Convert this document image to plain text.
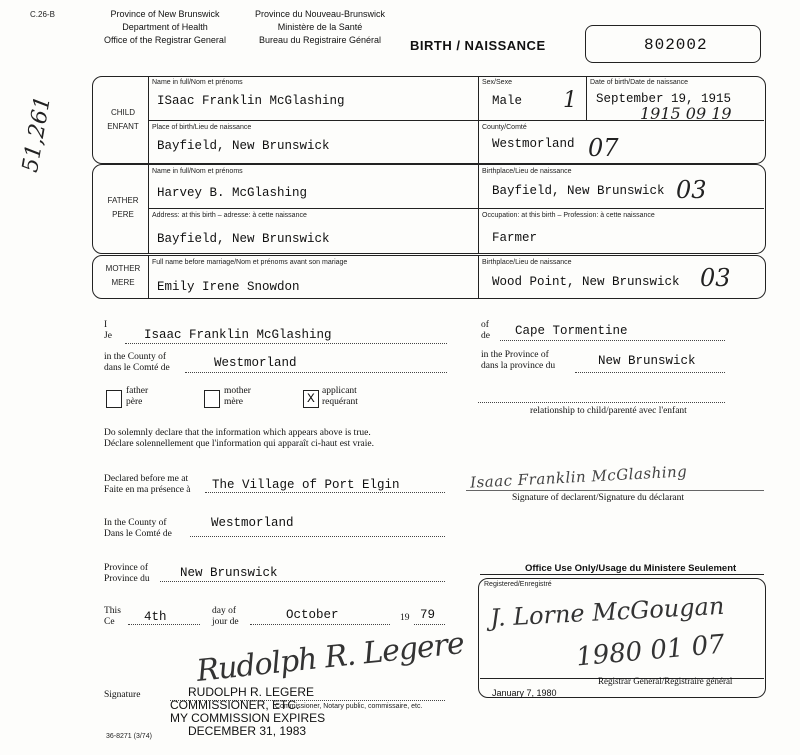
C.26-B	Province of New Brunswick
Department of Health
Office of the Registrar General
Province du Nouveau-Brunswick
Ministère de la Santé
Bureau du Registraire Général	BIRTH / NAISSANCE	802002
51,261	CHILD
ENFANT
Name in full/Nom et prénoms
ISaac Franklin McGlashing
Sex/Sexe
Male 1
Date of birth/Date de naissance
September 19, 1915
1915 09 19
Place of birth/Lieu de naissance
Bayfield, New Brunswick
County/Comté
Westmorland 07
FATHER
PERE
Name in full/Nom et prénoms
Harvey B. McGlashing
Birthplace/Lieu de naissance
Bayfield, New Brunswick 03
Address: at this birth – adresse: à cette naissance
Bayfield, New Brunswick
Occupation: at this birth – Profession: à cette naissance
Farmer
MOTHER
MERE
Full name before marriage/Nom et prénoms avant son mariage
Emily Irene Snowdon
Birthplace/Lieu de naissance
Wood Point, New Brunswick 03
I
Je	Isaac Franklin McGlashing
in the County of
dans le Comté de	Westmorland
father
père
mother
mère	X applicant
requérant
Do solemnly declare that the information which appears above is true.
Déclare solennellement que l'information qui apparaît ci-haut est vraie.
of
de Cape Tormentine
in the Province of
dans la province du	New Brunswick
relationship to child/parenté avec l'enfant
Declared before me at
Faite en ma présence à The Village of Port Elgin	Isaac Franklin McGlashing
Signature of declarent/Signature du déclarant
In the County of
Dans le Comté de
Westmorland
Province of
Province du New Brunswick
This
Ce	4th	day of
jour de	October	19 79
Rudolph R. Legere
Signature
Commissioner, Notary public, commissaire, etc.
RUDOLPH R. LEGERE
COMMISSIONER, ETC.
MY COMMISSION EXPIRES
DECEMBER 31, 1983
Office Use Only/Usage du Ministere Seulement
Registered/Enregistré
J. Lorne McGougan
1980 01 07
Registrar General/Registraire général
January 7, 1980
36-8271 (3/74)
